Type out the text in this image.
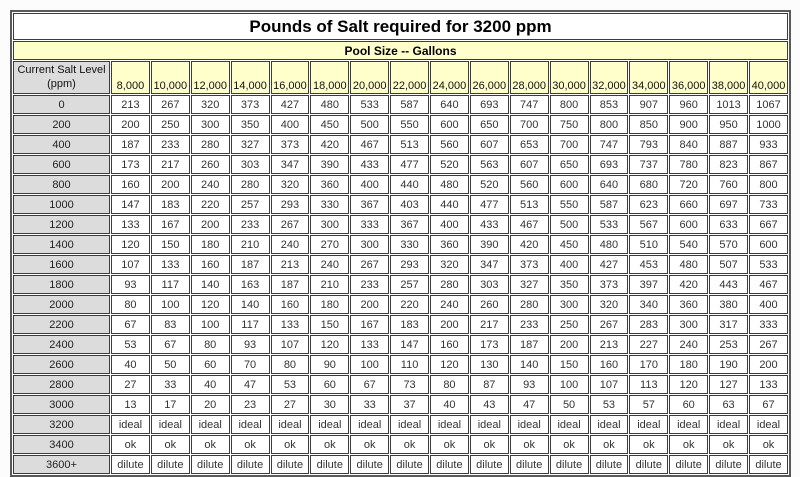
Pounds of Salt required for 3200 ppm																	
Pool Size -- Gallons																	

Current Salt Level
(ppm)	8,000	10,000	12,000	14,000	16,000	18,000	20,000	22,000	24,000	26,000	28,000	30,000	32,000	34,000	36,000	38,000	40,000
0	213	267	320	373	427	480	533	587	640	693	747	800	853	907	960	1013	1067
200	200	250	300	350	400	450	500	550	600	650	700	750	800	850	900	950	1000
400	187	233	280	327	373	420	467	513	560	607	653	700	747	793	840	887	933
600	173	217	260	303	347	390	433	477	520	563	607	650	693	737	780	823	867
800	160	200	240	280	320	360	400	440	480	520	560	600	640	680	720	760	800
1000	147	183	220	257	293	330	367	403	440	477	513	550	587	623	660	697	733
1200	133	167	200	233	267	300	333	367	400	433	467	500	533	567	600	633	667
1400	120	150	180	210	240	270	300	330	360	390	420	450	480	510	540	570	600
1600	107	133	160	187	213	240	267	293	320	347	373	400	427	453	480	507	533
1800	93	117	140	163	187	210	233	257	280	303	327	350	373	397	420	443	467
2000	80	100	120	140	160	180	200	220	240	260	280	300	320	340	360	380	400
2200	67	83	100	117	133	150	167	183	200	217	233	250	267	283	300	317	333
2400	53	67	80	93	107	120	133	147	160	173	187	200	213	227	240	253	267
2600	40	50	60	70	80	90	100	110	120	130	140	150	160	170	180	190	200
2800	27	33	40	47	53	60	67	73	80	87	93	100	107	113	120	127	133
3000	13	17	20	23	27	30	33	37	40	43	47	50	53	57	60	63	67
3200	ideal	ideal	ideal	ideal	ideal	ideal	ideal	ideal	ideal	ideal	ideal	ideal	ideal	ideal	ideal	ideal	ideal
3400	ok	ok	ok	ok	ok	ok	ok	ok	ok	ok	ok	ok	ok	ok	ok	ok	ok
3600+	dilute	dilute	dilute	dilute	dilute	dilute	dilute	dilute	dilute	dilute	dilute	dilute	dilute	dilute	dilute	dilute	dilute
